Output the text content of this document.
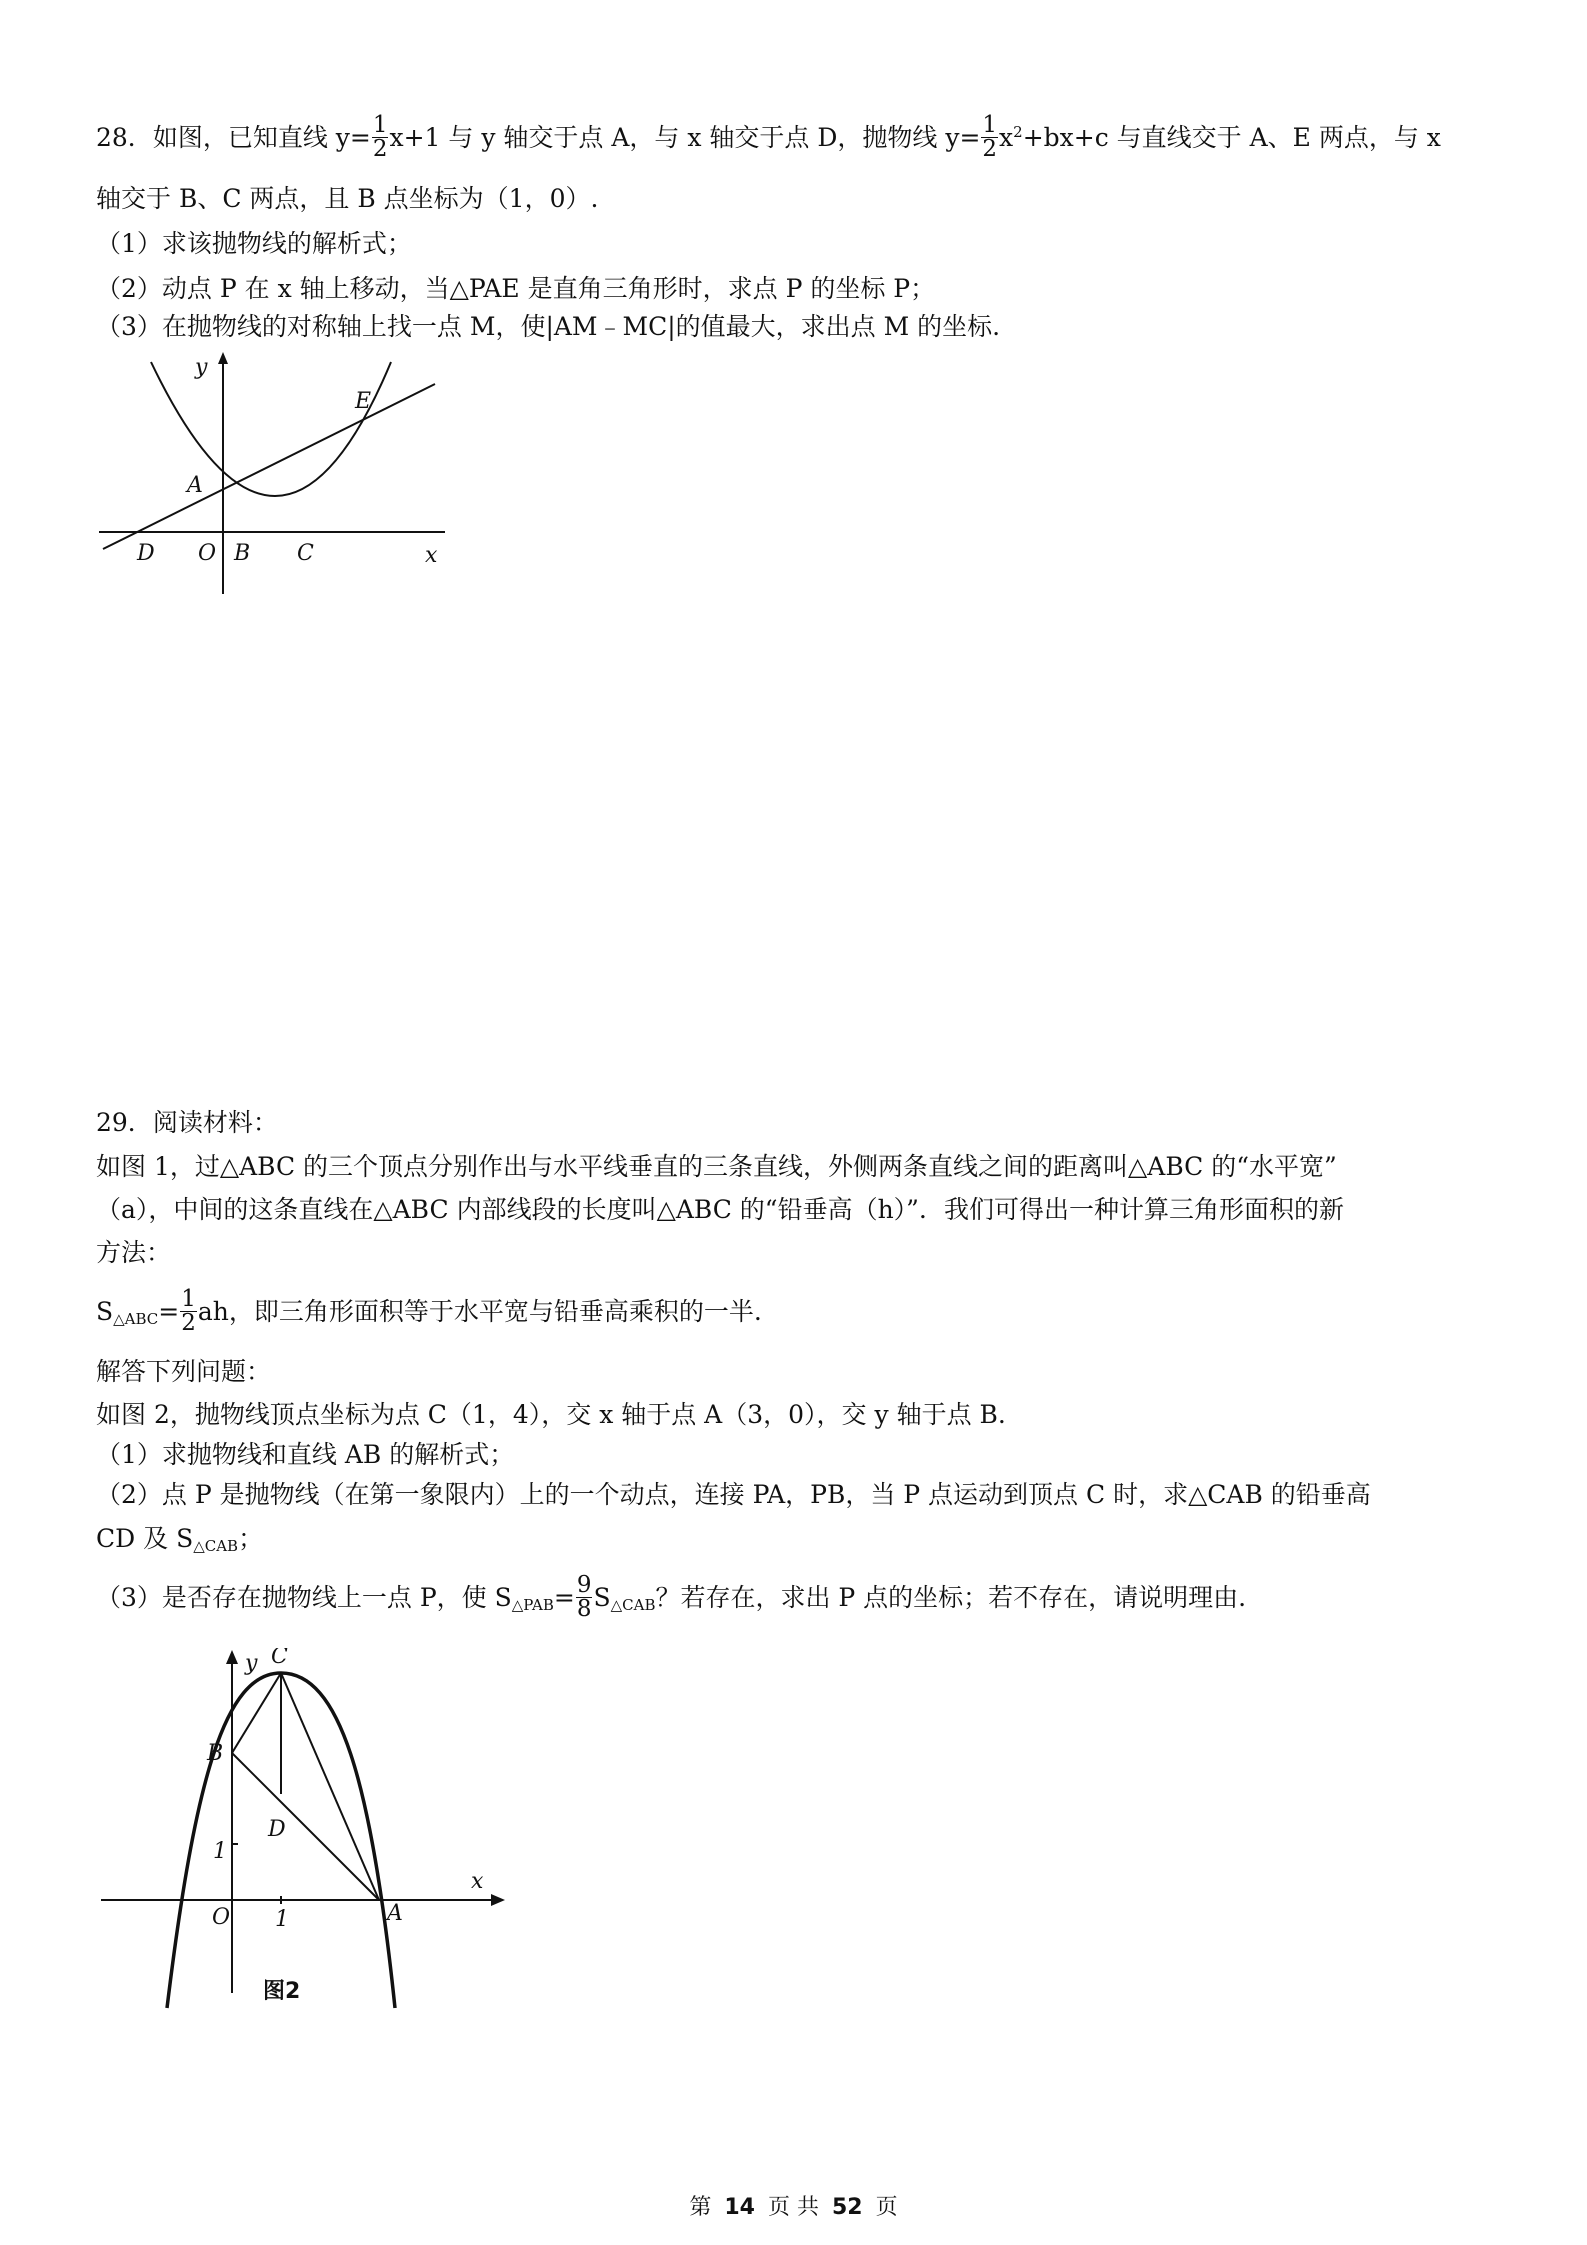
28．如图，已知直线 $y= \frac{1}{2} x+1$ 与 y 轴交于点 A，与 x 轴交于点 D，抛物线 $y= \frac{1}{2} x^2+bx+c$ 与直线交于 A、E 两点，与 x
轴交于 B、C 两点，且 B 点坐标为（1，0）.
（1）求该抛物线的解析式；
（2）动点 P 在 x 轴上移动，当△PAE 是直角三角形时，求点 P 的坐标 P；
（3）在抛物线的对称轴上找一点 M，使|AM﹣MC|的值最大，求出点 M 的坐标.
y
E
A
D O B C	x
29．阅读材料：
如图 1，过△ABC 的三个顶点分别作出与水平线垂直的三条直线，外侧两条直线之间的距离叫△ABC 的“水平宽”
（a），中间的这条直线在△ABC 内部线段的长度叫△ABC 的“铅垂高（h）”．我们可得出一种计算三角形面积的新
方法：
$S_{\triangle ABC}= \frac{1}{2}$ ah，即三角形面积等于水平宽与铅垂高乘积的一半.
解答下列问题：
如图 2，抛物线顶点坐标为点 C（1，4），交 x 轴于点 A（3，0），交 y 轴于点 B.
（1）求抛物线和直线 AB 的解析式；
（2）点 P 是抛物线（在第一象限内）上的一个动点，连接 PA，PB，当 P 点运动到顶点 C 时，求△CAB 的铅垂高
CD 及 $S_{\triangle CAB}$；
（3）是否存在抛物线上一点 P，使 $S_{\triangle PAB}= \frac{9}{8} S_{\triangle CAB}$？若存在，求出 P 点的坐标；若不存在，请说明理由.
y C
B
D
1
x
O 1	A
图2
第 14 页 共 52 页
